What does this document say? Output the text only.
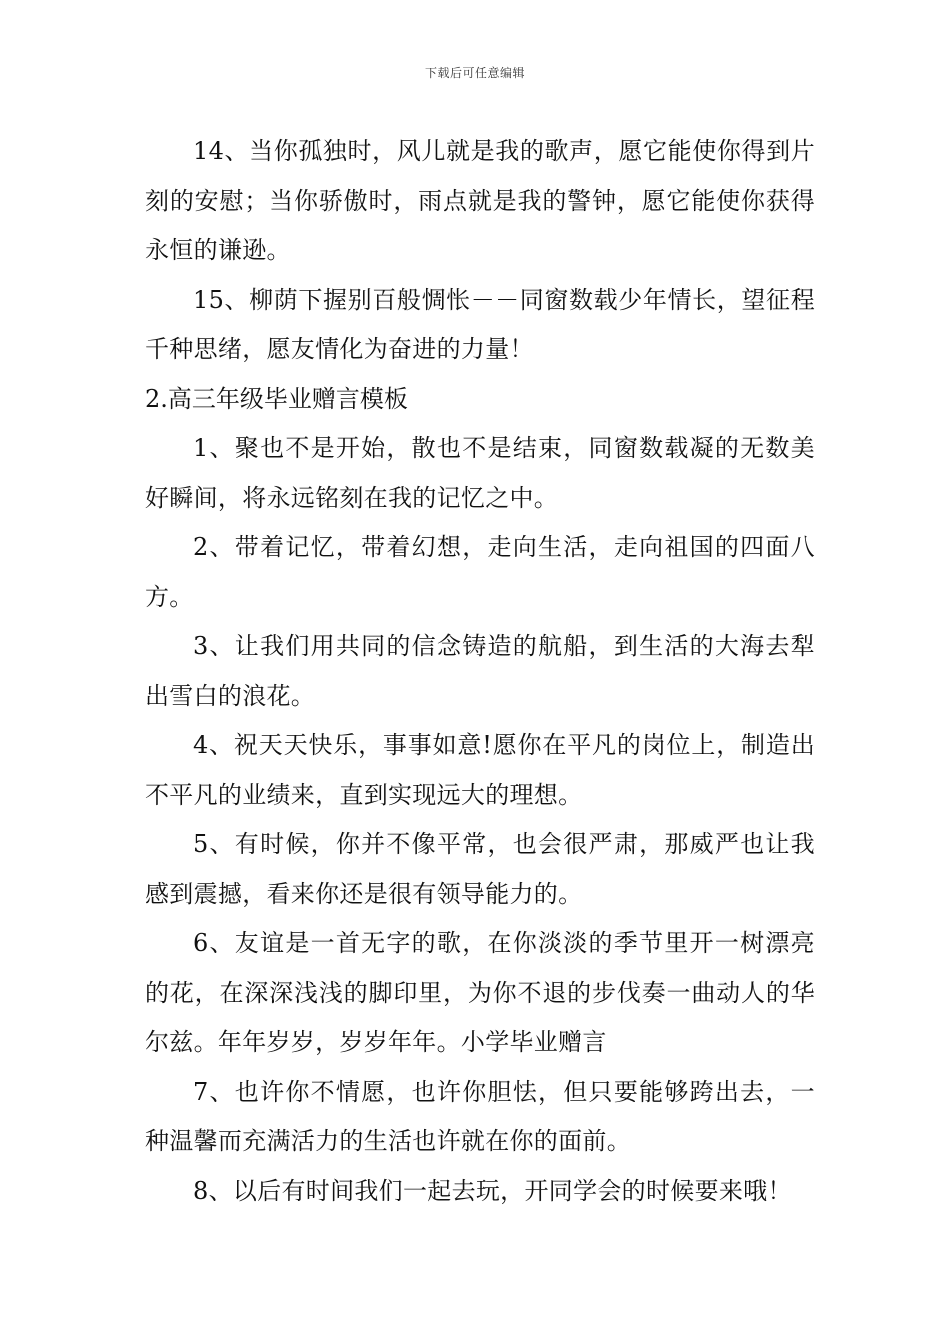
下载后可任意编辑

14、当你孤独时，风儿就是我的歌声，愿它能使你得到片刻的安慰；当你骄傲时，雨点就是我的警钟，愿它能使你获得永恒的谦逊。

15、柳荫下握别百般惆怅－－同窗数载少年情长，望征程千种思绪，愿友情化为奋进的力量！

2.高三年级毕业赠言模板

1、聚也不是开始，散也不是结束，同窗数载凝的无数美好瞬间，将永远铭刻在我的记忆之中。

2、带着记忆，带着幻想，走向生活，走向祖国的四面八方。

3、让我们用共同的信念铸造的航船，到生活的大海去犁出雪白的浪花。

4、祝天天快乐，事事如意!愿你在平凡的岗位上，制造出不平凡的业绩来，直到实现远大的理想。

5、有时候，你并不像平常，也会很严肃，那威严也让我感到震撼，看来你还是很有领导能力的。

6、友谊是一首无字的歌，在你淡淡的季节里开一树漂亮的花，在深深浅浅的脚印里，为你不退的步伐奏一曲动人的华尔兹。年年岁岁，岁岁年年。小学毕业赠言

7、也许你不情愿，也许你胆怯，但只要能够跨出去，一种温馨而充满活力的生活也许就在你的面前。

8、以后有时间我们一起去玩，开同学会的时候要来哦！
